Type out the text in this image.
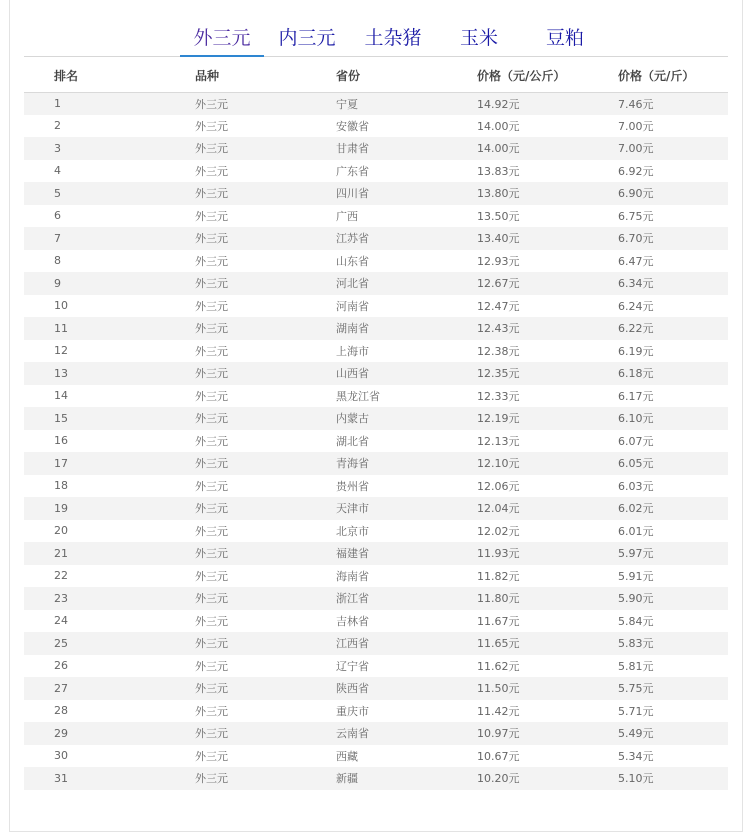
外三元	内三元	土杂猪	玉米	豆粕
排名	品种	省份	价格（元/公斤）	价格（元/斤）
1	外三元	宁夏	14.92元	7.46元
2	外三元	安徽省	14.00元	7.00元
3	外三元	甘肃省	14.00元	7.00元
4	外三元	广东省	13.83元	6.92元
5	外三元	四川省	13.80元	6.90元
6	外三元	广西	13.50元	6.75元
7	外三元	江苏省	13.40元	6.70元
8	外三元	山东省	12.93元	6.47元
9	外三元	河北省	12.67元	6.34元
10	外三元	河南省	12.47元	6.24元
11	外三元	湖南省	12.43元	6.22元
12	外三元	上海市	12.38元	6.19元
13	外三元	山西省	12.35元	6.18元
14	外三元	黑龙江省	12.33元	6.17元
15	外三元	内蒙古	12.19元	6.10元
16	外三元	湖北省	12.13元	6.07元
17	外三元	青海省	12.10元	6.05元
18	外三元	贵州省	12.06元	6.03元
19	外三元	天津市	12.04元	6.02元
20	外三元	北京市	12.02元	6.01元
21	外三元	福建省	11.93元	5.97元
22	外三元	海南省	11.82元	5.91元
23	外三元	浙江省	11.80元	5.90元
24	外三元	吉林省	11.67元	5.84元
25	外三元	江西省	11.65元	5.83元
26	外三元	辽宁省	11.62元	5.81元
27	外三元	陕西省	11.50元	5.75元
28	外三元	重庆市	11.42元	5.71元
29	外三元	云南省	10.97元	5.49元
30	外三元	西藏	10.67元	5.34元
31	外三元	新疆	10.20元	5.10元
